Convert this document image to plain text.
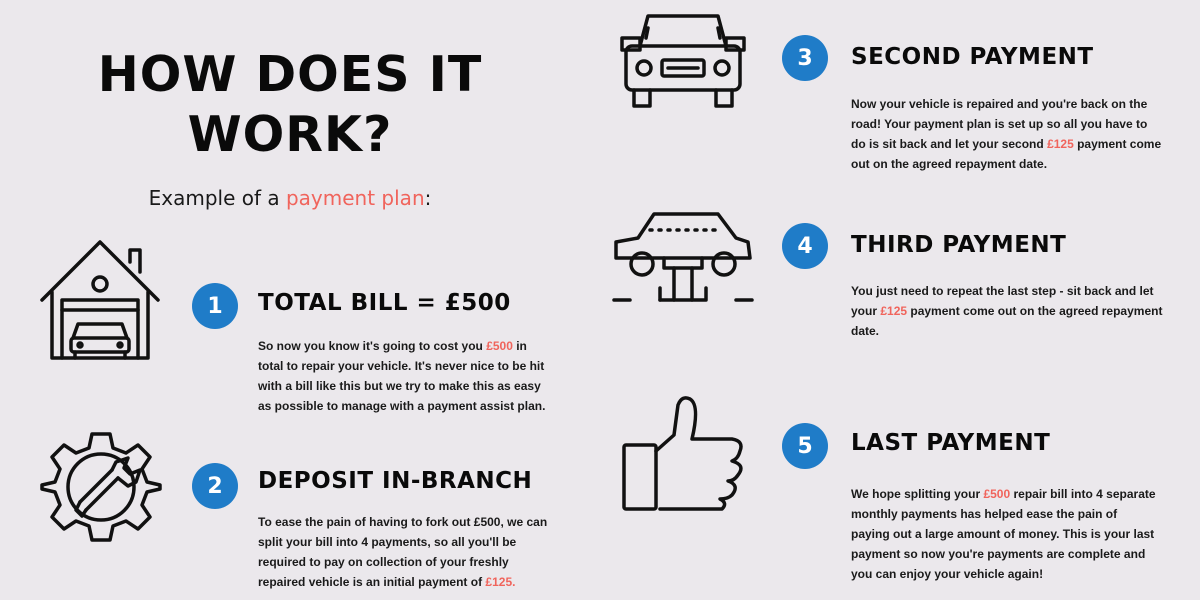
HOW DOES IT
WORK?
Example of a payment plan:
1
2
3
4
5
TOTAL BILL = £500
DEPOSIT IN-BRANCH
SECOND PAYMENT
THIRD PAYMENT
LAST PAYMENT
So now you know it's going to cost you £500 in total to repair your vehicle. It's never nice to be hit with a bill like this but we try to make this as easy as possible to manage with a payment assist plan.
To ease the pain of having to fork out £500, we can split your bill into 4 payments, so all you'll be required to pay on collection of your freshly repaired vehicle is an initial payment of £125.
Now your vehicle is repaired and you're back on the road! Your payment plan is set up so all you have to do is sit back and let your second £125 payment come out on the agreed repayment date.
You just need to repeat the last step - sit back and let your £125 payment come out on the agreed repayment date.
We hope splitting your £500 repair bill into 4 separate monthly payments has helped ease the pain of paying out a large amount of money. This is your last payment so now you're payments are complete and you can enjoy your vehicle again!
